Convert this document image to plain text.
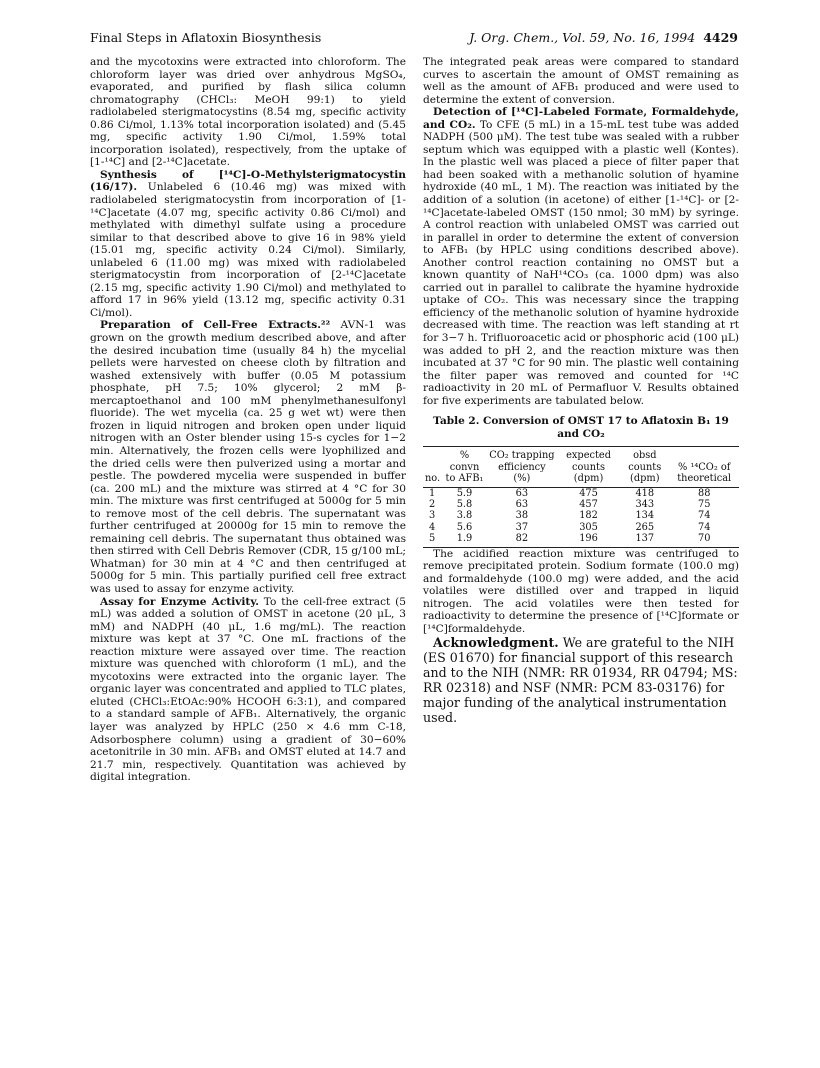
Final Steps in Aflatoxin Biosynthesis	J. Org. Chem., Vol. 59, No. 16, 1994 4429

and the mycotoxins were extracted into chloroform. The chloroform layer was dried over anhydrous MgSO₄, evaporated, and purified by flash silica column chromatography (CHCl₃: MeOH 99:1) to yield radiolabeled sterigmatocystins (8.54 mg, specific activity 0.86 Ci/mol, 1.13% total incorporation isolated) and (5.45 mg, specific activity 1.90 Ci/mol, 1.59% total incorporation isolated), respectively, from the uptake of [1-¹⁴C] and [2-¹⁴C]acetate.

Synthesis of [¹⁴C]-O-Methylsterigmatocystin (16/17). Unlabeled 6 (10.46 mg) was mixed with radiolabeled sterigmatocystin from incorporation of [1-¹⁴C]acetate (4.07 mg, specific activity 0.86 Ci/mol) and methylated with dimethyl sulfate using a procedure similar to that described above to give 16 in 98% yield (15.01 mg, specific activity 0.24 Ci/mol). Similarly, unlabeled 6 (11.00 mg) was mixed with radiolabeled sterigmatocystin from incorporation of [2-¹⁴C]acetate (2.15 mg, specific activity 1.90 Ci/mol) and methylated to afford 17 in 96% yield (13.12 mg, specific activity 0.31 Ci/mol).

Preparation of Cell-Free Extracts.²² AVN-1 was grown on the growth medium described above, and after the desired incubation time (usually 84 h) the mycelial pellets were harvested on cheese cloth by filtration and washed extensively with buffer (0.05 M potassium phosphate, pH 7.5; 10% glycerol; 2 mM β-mercaptoethanol and 100 mM phenylmethanesulfonyl fluoride). The wet mycelia (ca. 25 g wet wt) were then frozen in liquid nitrogen and broken open under liquid nitrogen with an Oster blender using 15-s cycles for 1−2 min. Alternatively, the frozen cells were lyophilized and the dried cells were then pulverized using a mortar and pestle. The powdered mycelia were suspended in buffer (ca. 200 mL) and the mixture was stirred at 4 °C for 30 min. The mixture was first centrifuged at 5000g for 5 min to remove most of the cell debris. The supernatant was further centrifuged at 20000g for 15 min to remove the remaining cell debris. The supernatant thus obtained was then stirred with Cell Debris Remover (CDR, 15 g/100 mL; Whatman) for 30 min at 4 °C and then centrifuged at 5000g for 5 min. This partially purified cell free extract was used to assay for enzyme activity.

Assay for Enzyme Activity. To the cell-free extract (5 mL) was added a solution of OMST in acetone (20 μL, 3 mM) and NADPH (40 μL, 1.6 mg/mL). The reaction mixture was kept at 37 °C. One mL fractions of the reaction mixture were assayed over time. The reaction mixture was quenched with chloroform (1 mL), and the mycotoxins were extracted into the organic layer. The organic layer was concentrated and applied to TLC plates, eluted (CHCl₃:EtOAc:90% HCOOH 6:3:1), and compared to a standard sample of AFB₁. Alternatively, the organic layer was analyzed by HPLC (250 × 4.6 mm C-18, Adsorbosphere column) using a gradient of 30−60% acetonitrile in 30 min. AFB₁ and OMST eluted at 14.7 and 21.7 min, respectively. Quantitation was achieved by digital integration.

The integrated peak areas were compared to standard curves to ascertain the amount of OMST remaining as well as the amount of AFB₁ produced and were used to determine the extent of conversion.

Detection of [¹⁴C]-Labeled Formate, Formaldehyde, and CO₂. To CFE (5 mL) in a 15-mL test tube was added NADPH (500 μM). The test tube was sealed with a rubber septum which was equipped with a plastic well (Kontes). In the plastic well was placed a piece of filter paper that had been soaked with a methanolic solution of hyamine hydroxide (40 mL, 1 M). The reaction was initiated by the addition of a solution (in acetone) of either [1-¹⁴C]- or [2-¹⁴C]acetate-labeled OMST (150 nmol; 30 mM) by syringe. A control reaction with unlabeled OMST was carried out in parallel in order to determine the extent of conversion to AFB₁ (by HPLC using conditions described above). Another control reaction containing no OMST but a known quantity of NaH¹⁴CO₃ (ca. 1000 dpm) was also carried out in parallel to calibrate the hyamine hydroxide uptake of CO₂. This was necessary since the trapping efficiency of the methanolic solution of hyamine hydroxide decreased with time. The reaction was left standing at rt for 3−7 h. Trifluoroacetic acid or phosphoric acid (100 μL) was added to pH 2, and the reaction mixture was then incubated at 37 °C for 90 min. The plastic well containing the filter paper was removed and counted for ¹⁴C radioactivity in 20 mL of Permafluor V. Results obtained for five experiments are tabulated below.

Table 2. Conversion of OMST 17 to Aflatoxin B₁ 19 and CO₂
no.	% convn to AFB₁	CO₂ trapping efficiency (%)	expected counts (dpm)	obsd counts (dpm)	% ¹⁴CO₂ of theoretical
1	5.9	63	475	418	88
2	5.8	63	457	343	75
3	3.8	38	182	134	74
4	5.6	37	305	265	74
5	1.9	82	196	137	70

The acidified reaction mixture was centrifuged to remove precipitated protein. Sodium formate (100.0 mg) and formaldehyde (100.0 mg) were added, and the acid volatiles were distilled over and trapped in liquid nitrogen. The acid volatiles were then tested for radioactivity to determine the presence of [¹⁴C]formate or [¹⁴C]formaldehyde.

Acknowledgment. We are grateful to the NIH (ES 01670) for financial support of this research and to the NIH (NMR: RR 01934, RR 04794; MS: RR 02318) and NSF (NMR: PCM 83-03176) for major funding of the analytical instrumentation used.
